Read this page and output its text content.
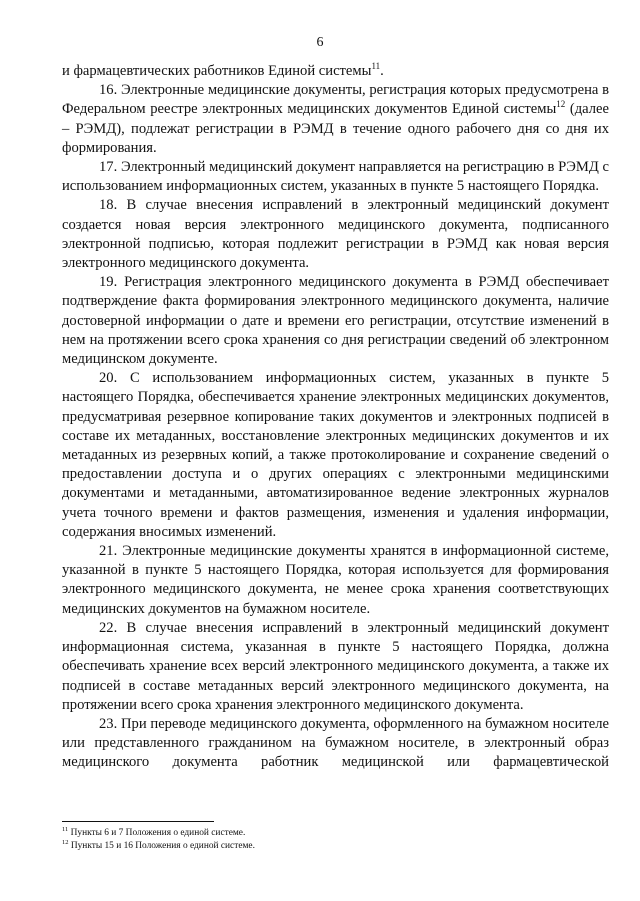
6

и фармацевтических работников Единой системы$^{11}$.

16. Электронные медицинские документы, регистрация которых предусмотрена в Федеральном реестре электронных медицинских документов Единой системы$^{12}$ (далее – РЭМД), подлежат регистрации в РЭМД в течение одного рабочего дня со дня их формирования.

17. Электронный медицинский документ направляется на регистрацию в РЭМД с использованием информационных систем, указанных в пункте 5 настоящего Порядка.

18. В случае внесения исправлений в электронный медицинский документ создается новая версия электронного медицинского документа, подписанного электронной подписью, которая подлежит регистрации в РЭМД как новая версия электронного медицинского документа.

19. Регистрация электронного медицинского документа в РЭМД обеспечивает подтверждение факта формирования электронного медицинского документа, наличие достоверной информации о дате и времени его регистрации, отсутствие изменений в нем на протяжении всего срока хранения со дня регистрации сведений об электронном медицинском документе.

20. С использованием информационных систем, указанных в пункте 5 настоящего Порядка, обеспечивается хранение электронных медицинских документов, предусматривая резервное копирование таких документов и электронных подписей в составе их метаданных, восстановление электронных медицинских документов и их метаданных из резервных копий, а также протоколирование и сохранение сведений о предоставлении доступа и о других операциях с электронными медицинскими документами и метаданными, автоматизированное ведение электронных журналов учета точного времени и фактов размещения, изменения и удаления информации, содержания вносимых изменений.

21. Электронные медицинские документы хранятся в информационной системе, указанной в пункте 5 настоящего Порядка, которая используется для формирования электронного медицинского документа, не менее срока хранения соответствующих медицинских документов на бумажном носителе.

22. В случае внесения исправлений в электронный медицинский документ информационная система, указанная в пункте 5 настоящего Порядка, должна обеспечивать хранение всех версий электронного медицинского документа, а также их подписей в составе метаданных версий электронного медицинского документа, на протяжении всего срока хранения электронного медицинского документа.

23. При переводе медицинского документа, оформленного на бумажном носителе или представленного гражданином на бумажном носителе, в электронный образ медицинского документа работник медицинской или фармацевтической

$^{11}$ Пункты 6 и 7 Положения о единой системе.
$^{12}$ Пункты 15 и 16 Положения о единой системе.
